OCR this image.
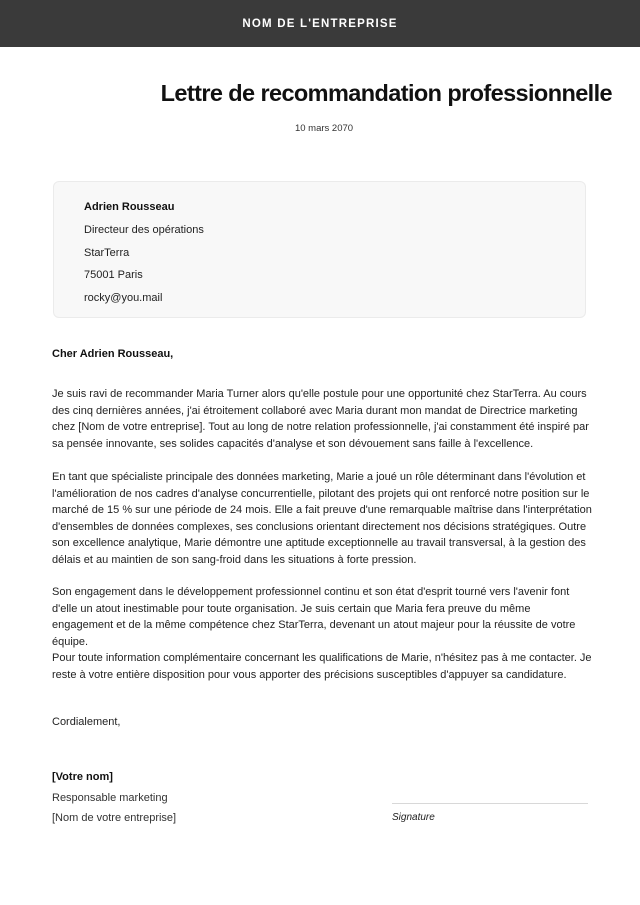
NOM DE L'ENTREPRISE
Lettre de recommandation professionnelle
10 mars 2070
Adrien Rousseau
Directeur des opérations
StarTerra
75001 Paris
rocky@you.mail
Cher Adrien Rousseau,

Je suis ravi de recommander Maria Turner alors qu'elle postule pour une opportunité chez StarTerra. Au cours des cinq dernières années, j'ai étroitement collaboré avec Maria durant mon mandat de Directrice marketing chez [Nom de votre entreprise]. Tout au long de notre relation professionnelle, j'ai constamment été inspiré par sa pensée innovante, ses solides capacités d'analyse et son dévouement sans faille à l'excellence.

En tant que spécialiste principale des données marketing, Marie a joué un rôle déterminant dans l'évolution et l'amélioration de nos cadres d'analyse concurrentielle, pilotant des projets qui ont renforcé notre position sur le marché de 15 % sur une période de 24 mois. Elle a fait preuve d'une remarquable maîtrise dans l'interprétation d'ensembles de données complexes, ses conclusions orientant directement nos décisions stratégiques. Outre son excellence analytique, Marie démontre une aptitude exceptionnelle au travail transversal, à la gestion des délais et au maintien de son sang-froid dans les situations à forte pression.

Son engagement dans le développement professionnel continu et son état d'esprit tourné vers l'avenir font d'elle un atout inestimable pour toute organisation. Je suis certain que Maria fera preuve du même engagement et de la même compétence chez StarTerra, devenant un atout majeur pour la réussite de votre équipe.

Pour toute information complémentaire concernant les qualifications de Marie, n'hésitez pas à me contacter. Je reste à votre entière disposition pour vous apporter des précisions susceptibles d'appuyer sa candidature.

Cordialement,
[Votre nom]
Responsable marketing
[Nom de votre entreprise]	Signature
